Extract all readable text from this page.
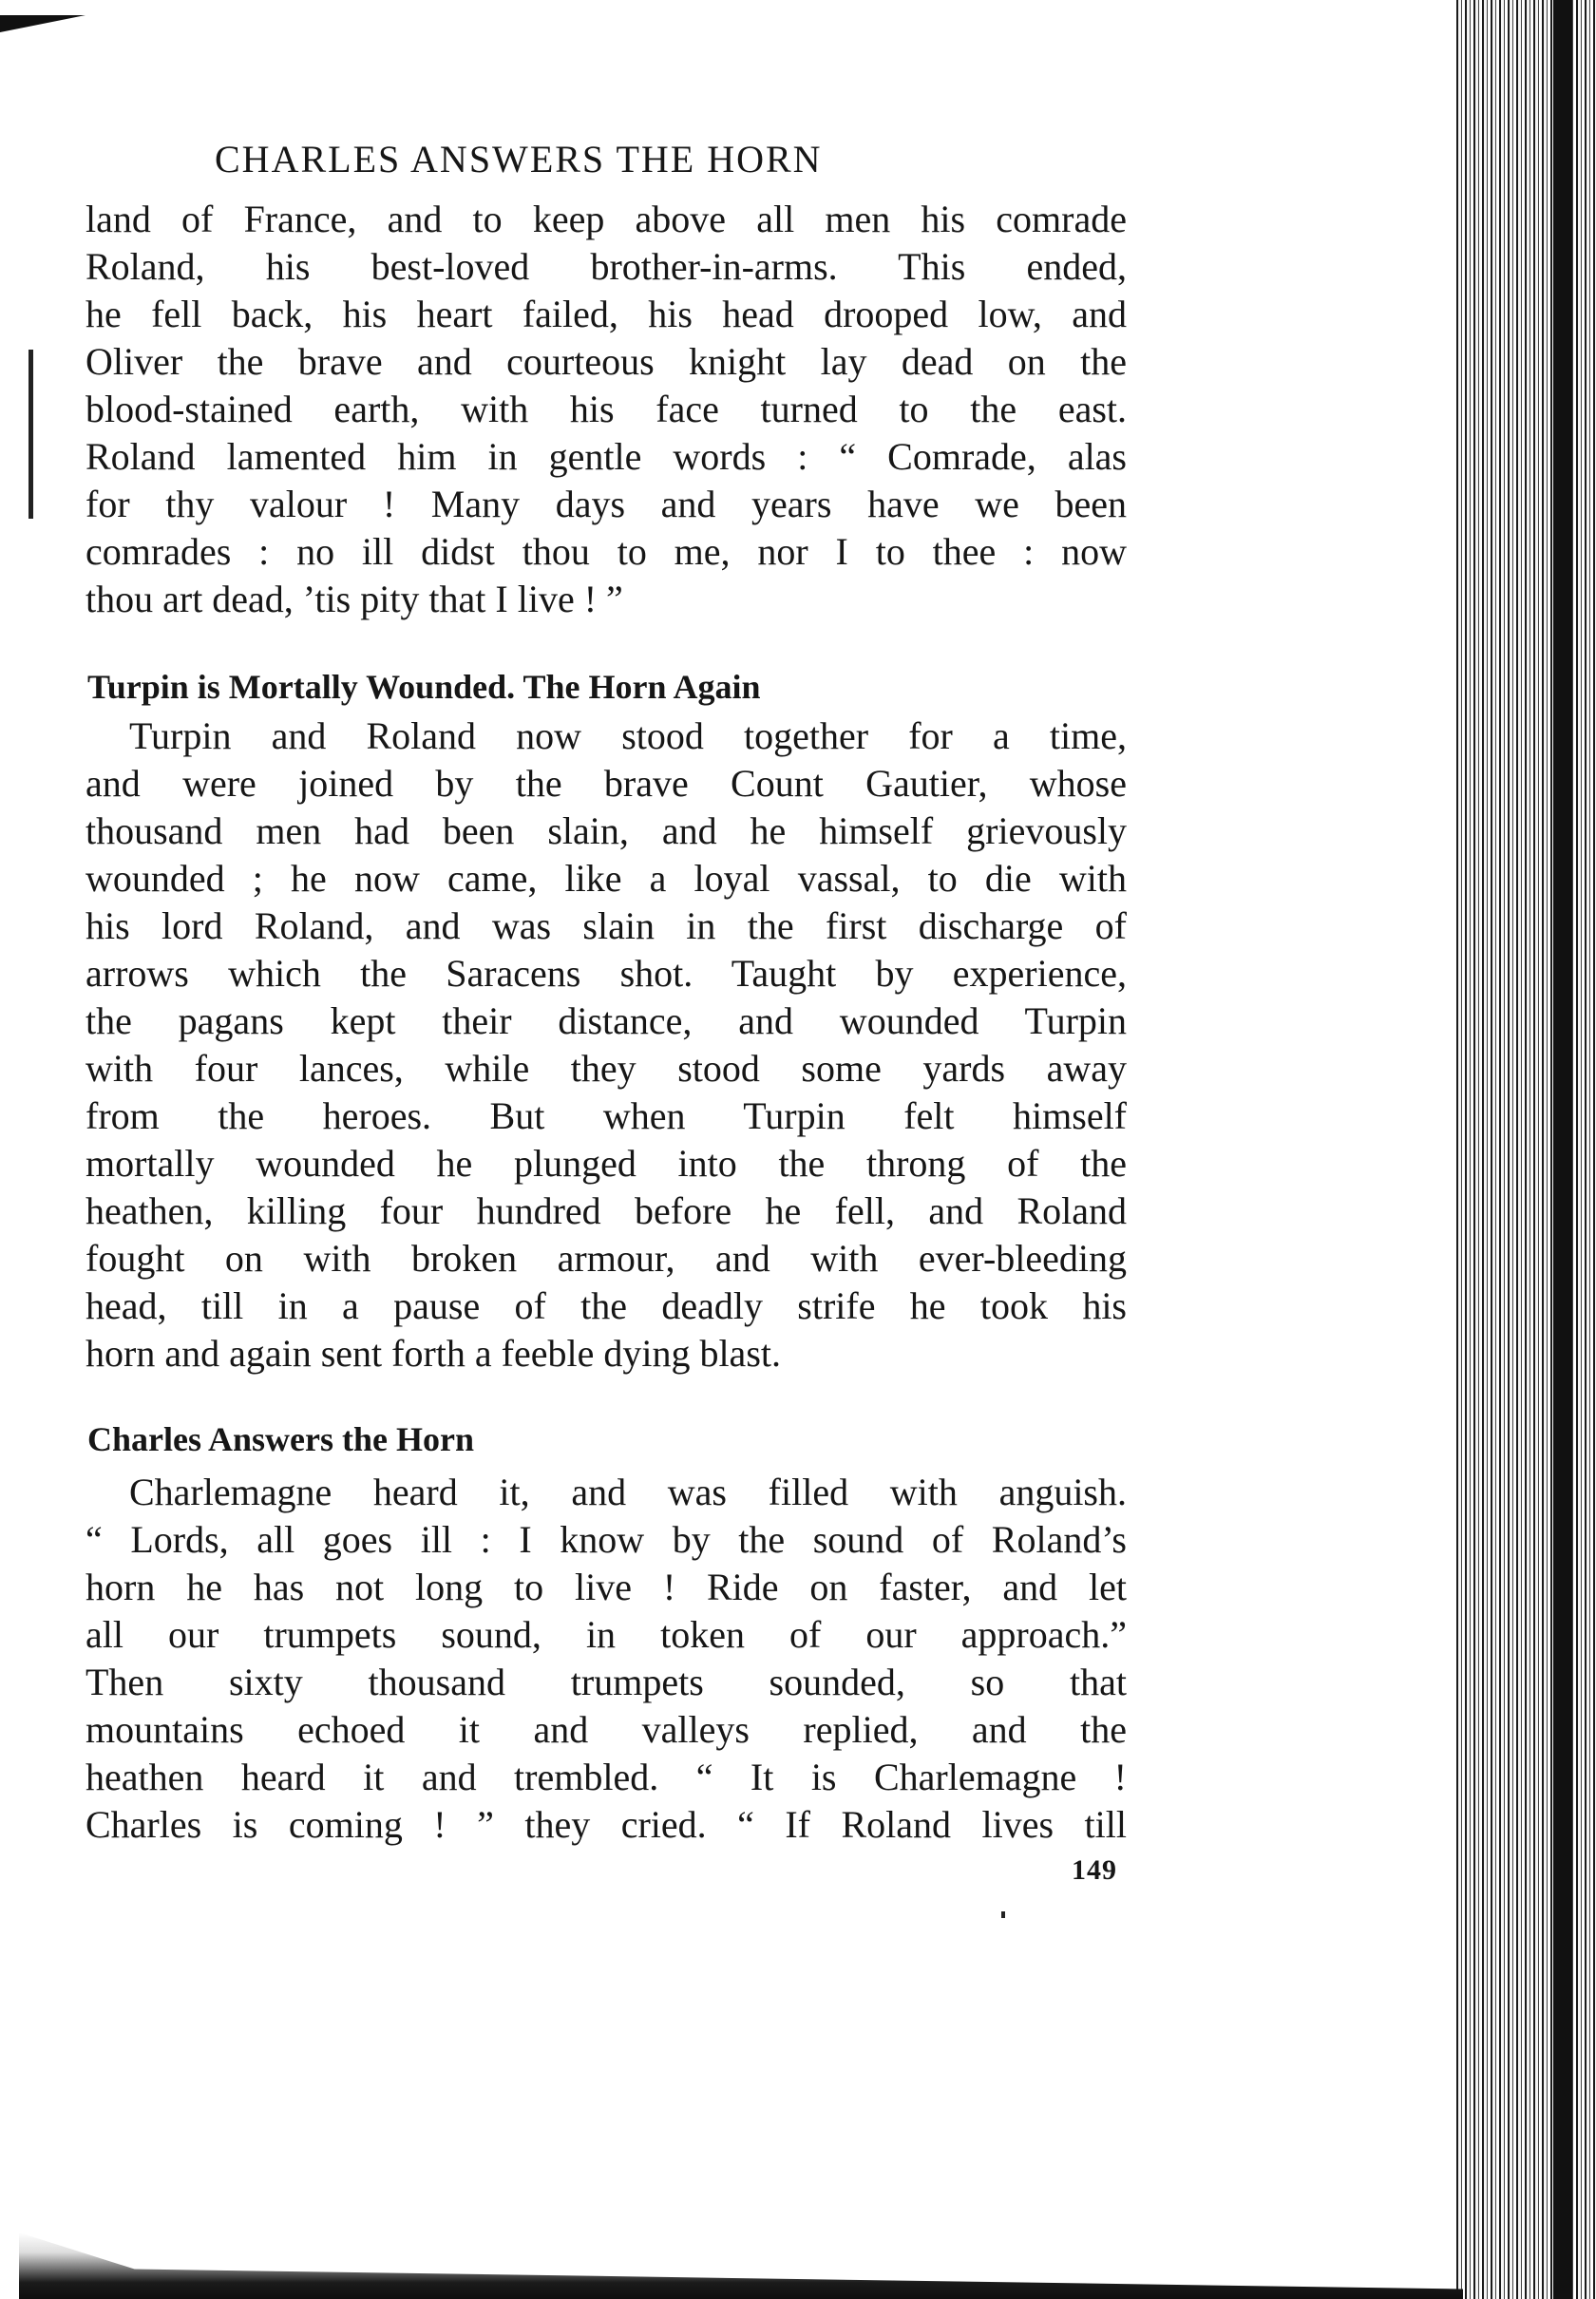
CHARLES ANSWERS THE HORN
land of France, and to keep above all men his comrade
Roland, his best-loved brother-in-arms. This ended,
he fell back, his heart failed, his head drooped low, and
Oliver the brave and courteous knight lay dead on the
blood-stained earth, with his face turned to the east.
Roland lamented him in gentle words : “ Comrade, alas
for thy valour ! Many days and years have we been
comrades : no ill didst thou to me, nor I to thee : now
thou art dead, ’tis pity that I live ! ”
Turpin is Mortally Wounded. The Horn Again
Turpin and Roland now stood together for a time,
and were joined by the brave Count Gautier, whose
thousand men had been slain, and he himself grievously
wounded ; he now came, like a loyal vassal, to die with
his lord Roland, and was slain in the first discharge of
arrows which the Saracens shot. Taught by experience,
the pagans kept their distance, and wounded Turpin
with four lances, while they stood some yards away
from the heroes. But when Turpin felt himself
mortally wounded he plunged into the throng of the
heathen, killing four hundred before he fell, and Roland
fought on with broken armour, and with ever-bleeding
head, till in a pause of the deadly strife he took his
horn and again sent forth a feeble dying blast.
Charles Answers the Horn
Charlemagne heard it, and was filled with anguish.
“ Lords, all goes ill : I know by the sound of Roland’s
horn he has not long to live ! Ride on faster, and let
all our trumpets sound, in token of our approach.”
Then sixty thousand trumpets sounded, so that
mountains echoed it and valleys replied, and the
heathen heard it and trembled. “ It is Charlemagne !
Charles is coming ! ” they cried. “ If Roland lives till
149
